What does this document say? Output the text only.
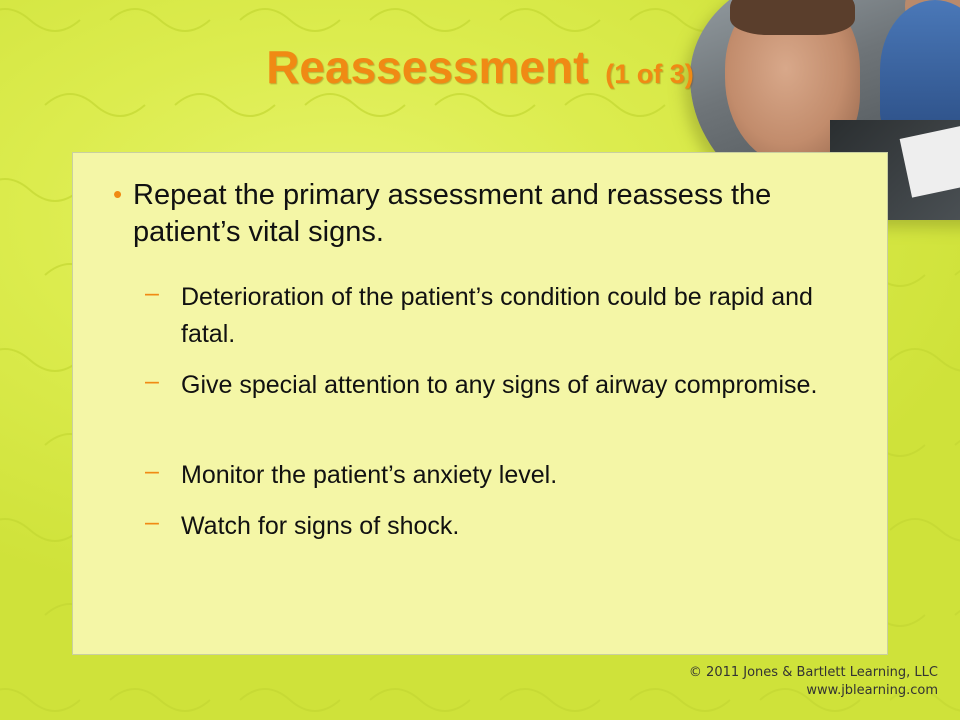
Reassessment (1 of 3)
• Repeat the primary assessment and reassess the patient’s vital signs.
– Deterioration of the patient’s condition could be rapid and fatal.
– Give special attention to any signs of airway compromise.
– Monitor the patient’s anxiety level.
– Watch for signs of shock.
© 2011 Jones & Bartlett Learning, LLC
www.jblearning.com
